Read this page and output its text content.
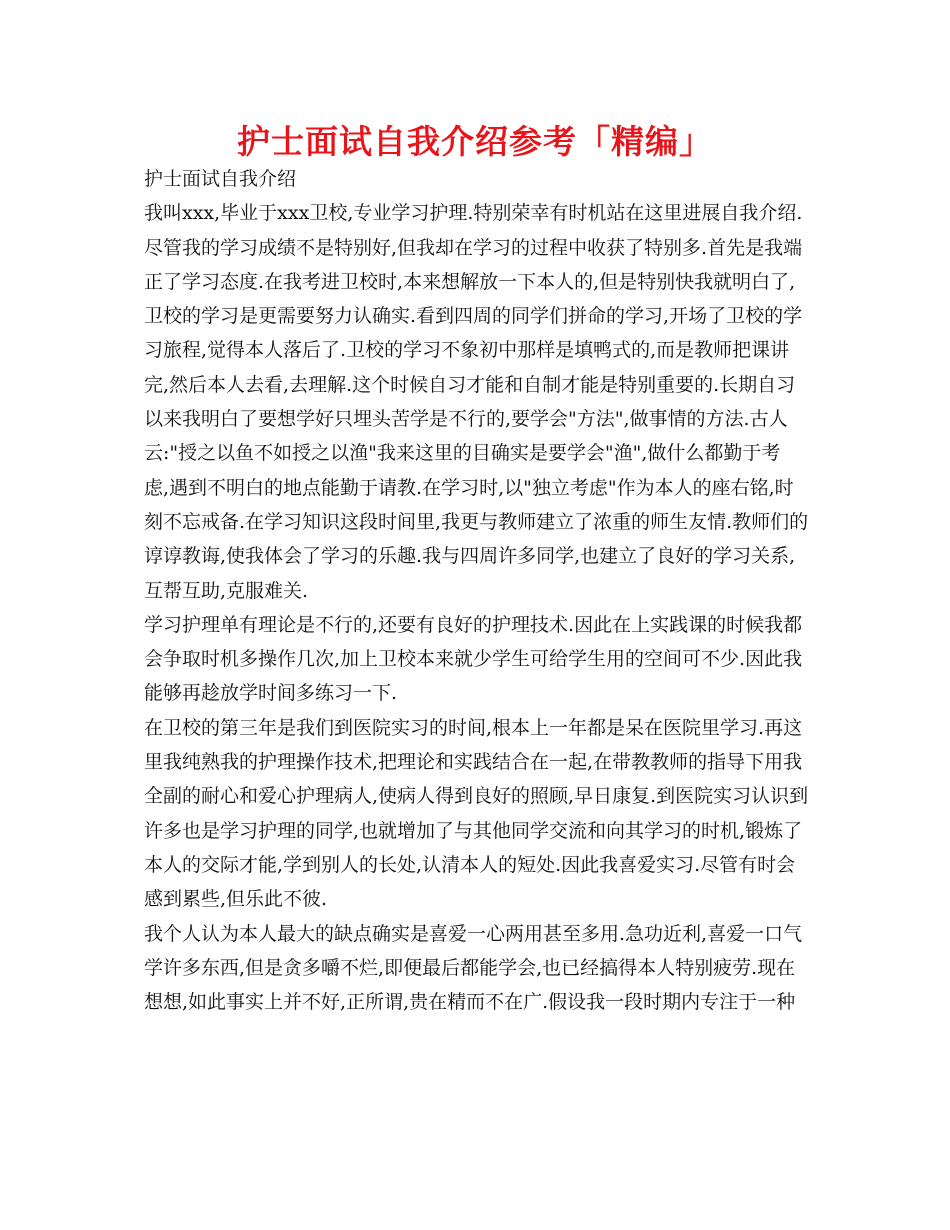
护士面试自我介绍参考「精编」
护士面试自我介绍
我叫xxx,毕业于xxx卫校,专业学习护理.特别荣幸有时机站在这里进展自我介绍.
尽管我的学习成绩不是特别好,但我却在学习的过程中收获了特别多.首先是我端
正了学习态度.在我考进卫校时,本来想解放一下本人的,但是特别快我就明白了,
卫校的学习是更需要努力认确实.看到四周的同学们拼命的学习,开场了卫校的学
习旅程,觉得本人落后了.卫校的学习不象初中那样是填鸭式的,而是教师把课讲
完,然后本人去看,去理解.这个时候自习才能和自制才能是特别重要的.长期自习
以来我明白了要想学好只埋头苦学是不行的,要学会"方法",做事情的方法.古人
云:"授之以鱼不如授之以渔"我来这里的目确实是要学会"渔",做什么都勤于考
虑,遇到不明白的地点能勤于请教.在学习时,以"独立考虑"作为本人的座右铭,时
刻不忘戒备.在学习知识这段时间里,我更与教师建立了浓重的师生友情.教师们的
谆谆教诲,使我体会了学习的乐趣.我与四周许多同学,也建立了良好的学习关系,
互帮互助,克服难关.
学习护理单有理论是不行的,还要有良好的护理技术.因此在上实践课的时候我都
会争取时机多操作几次,加上卫校本来就少学生可给学生用的空间可不少.因此我
能够再趁放学时间多练习一下.
在卫校的第三年是我们到医院实习的时间,根本上一年都是呆在医院里学习.再这
里我纯熟我的护理操作技术,把理论和实践结合在一起,在带教教师的指导下用我
全副的耐心和爱心护理病人,使病人得到良好的照顾,早日康复.到医院实习认识到
许多也是学习护理的同学,也就增加了与其他同学交流和向其学习的时机,锻炼了
本人的交际才能,学到别人的长处,认清本人的短处.因此我喜爱实习.尽管有时会
感到累些,但乐此不彼.
我个人认为本人最大的缺点确实是喜爱一心两用甚至多用.急功近利,喜爱一口气
学许多东西,但是贪多嚼不烂,即便最后都能学会,也已经搞得本人特别疲劳.现在
想想,如此事实上并不好,正所谓,贵在精而不在广.假设我一段时期内专注于一种
